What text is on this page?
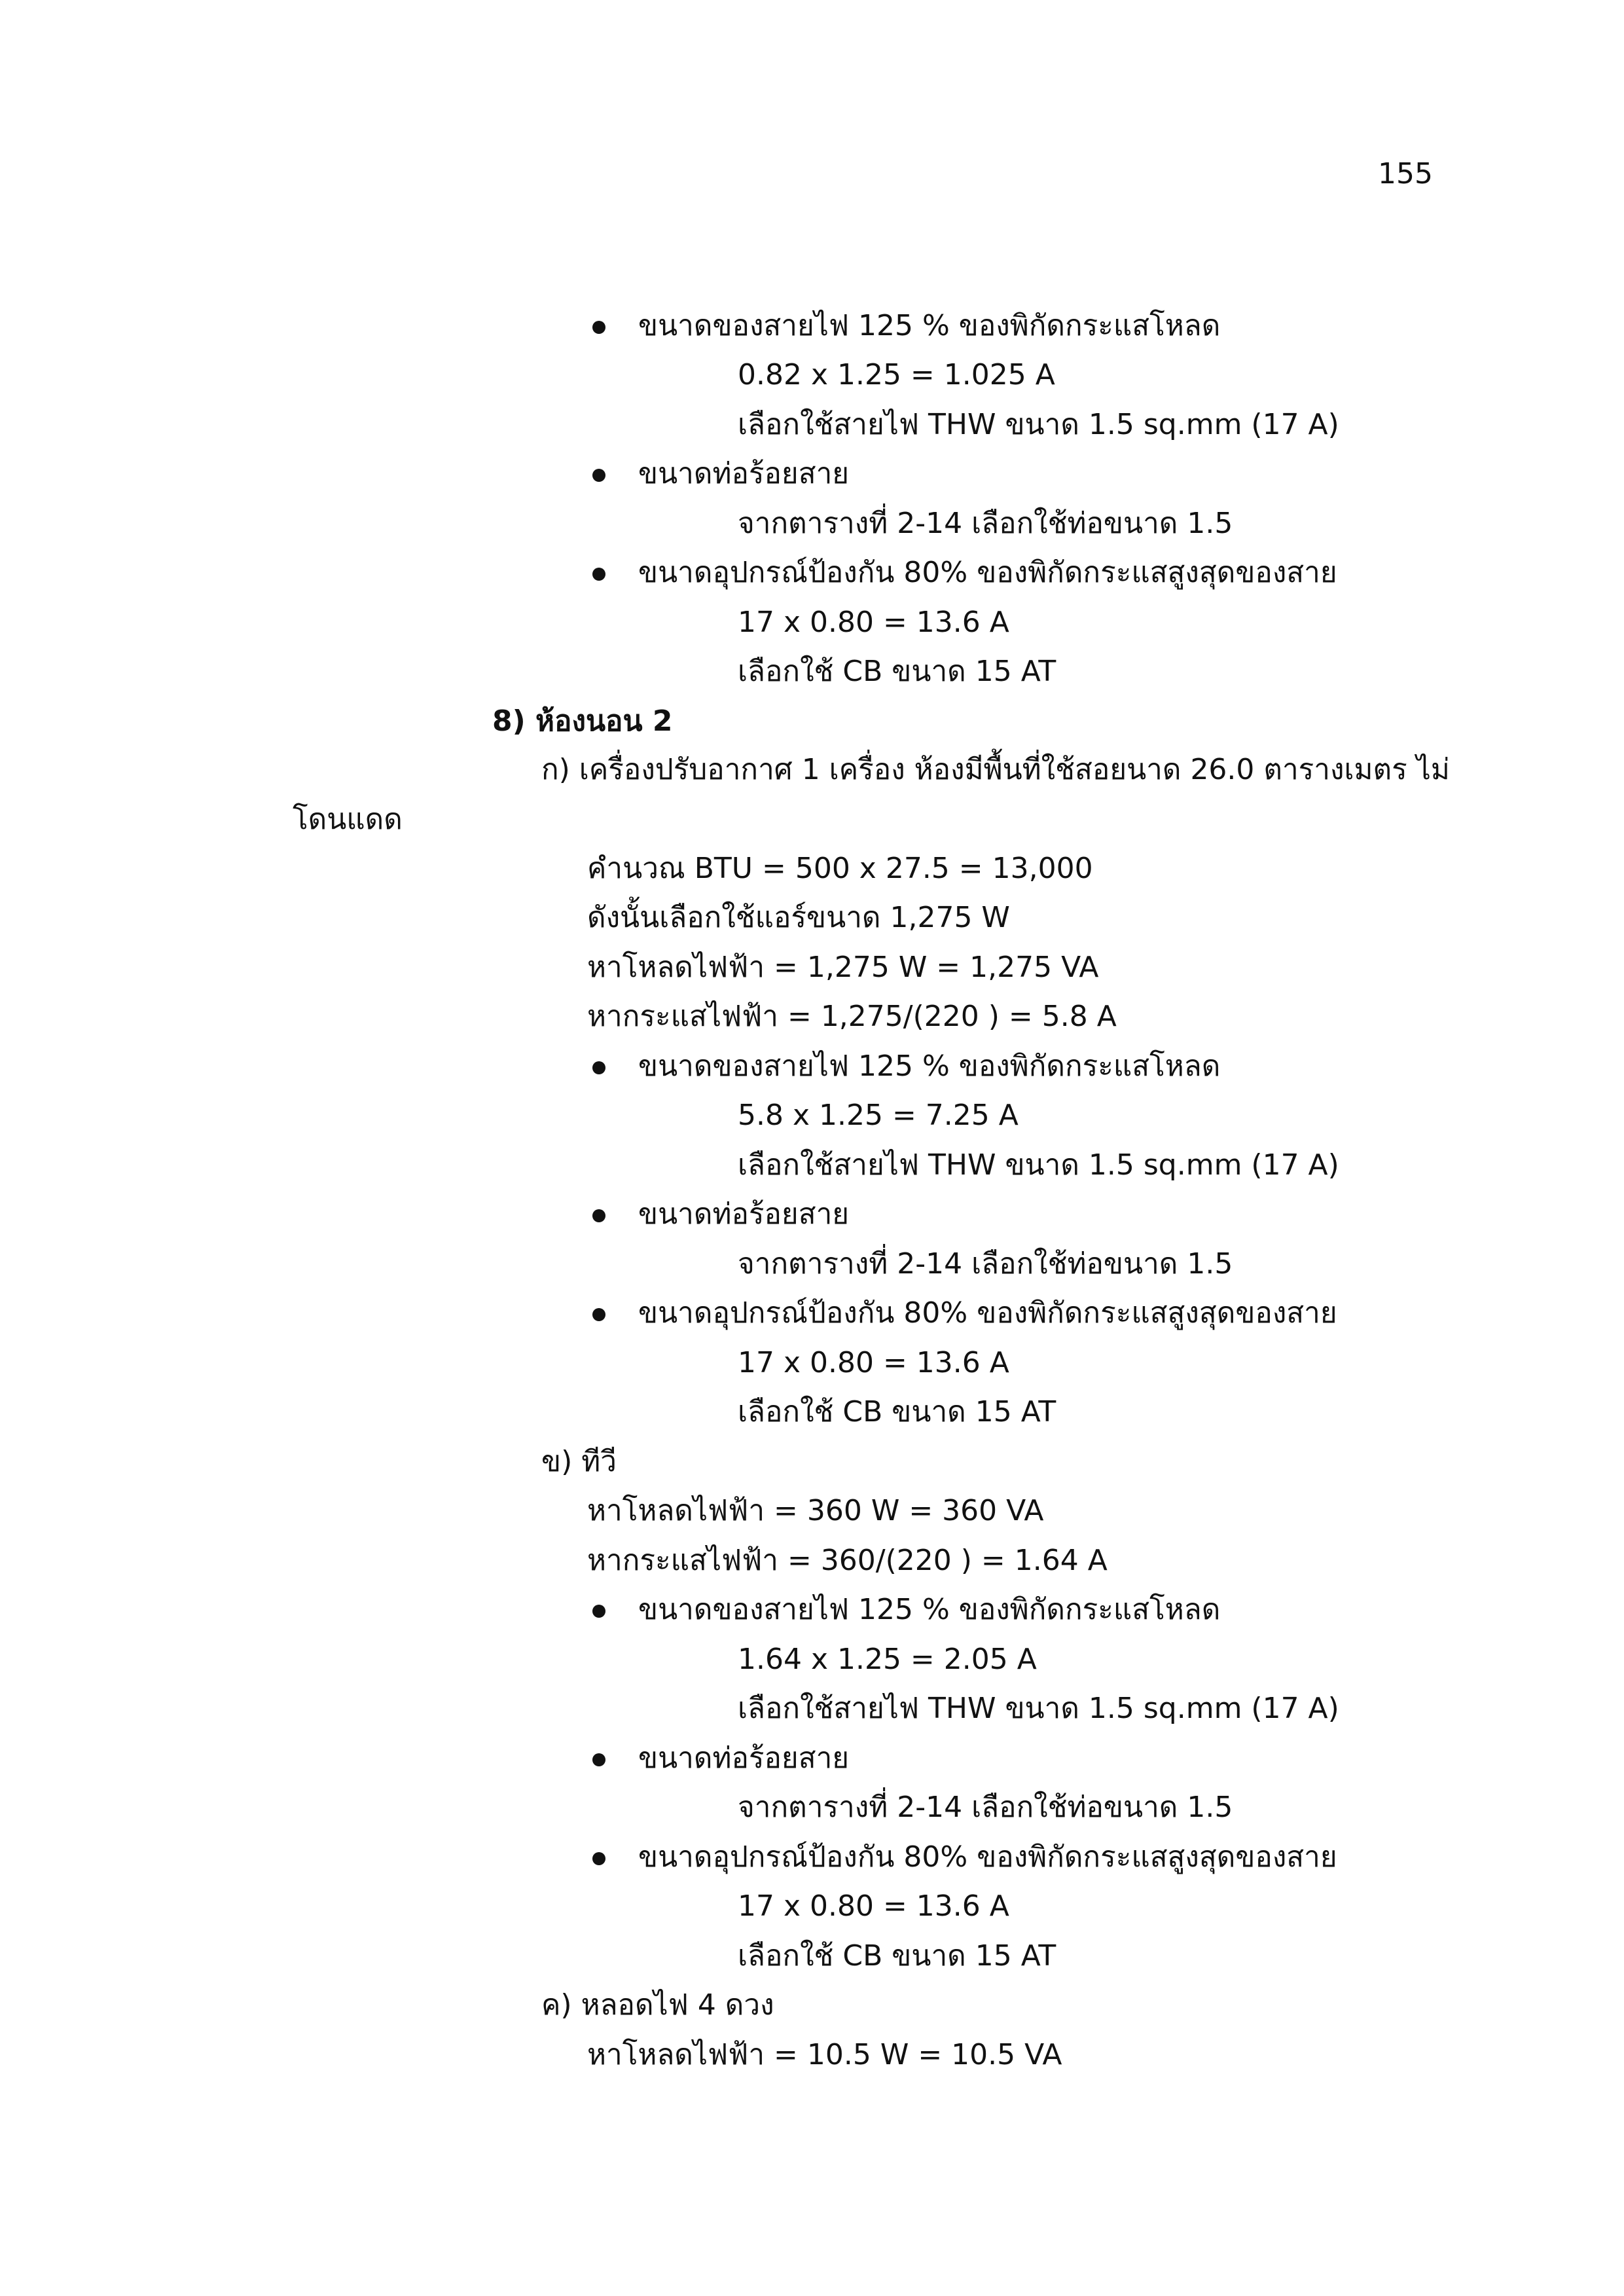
155
ขนาดของสายไฟ 125 % ของพิกัดกระแสโหลด
0.82 x 1.25 = 1.025 A
เลือกใช้สายไฟ THW ขนาด 1.5 sq.mm (17 A)
ขนาดท่อร้อยสาย
จากตารางที่ 2-14 เลือกใช้ท่อขนาด 1.5
ขนาดอุปกรณ์ป้องกัน 80% ของพิกัดกระแสสูงสุดของสาย
17 x 0.80 = 13.6 A
เลือกใช้ CB ขนาด 15 AT
8) ห้องนอน 2
ก) เครื่องปรับอากาศ 1 เครื่อง ห้องมีพื้นที่ใช้สอยนาด 26.0 ตารางเมตร ไม่
โดนแดด
คำนวณ BTU = 500 x 27.5 = 13,000
ดังนั้นเลือกใช้แอร์ขนาด 1,275 W
หาโหลดไฟฟ้า = 1,275 W = 1,275 VA
หากระแสไฟฟ้า = 1,275/(220 ) = 5.8 A
ขนาดของสายไฟ 125 % ของพิกัดกระแสโหลด
5.8 x 1.25 = 7.25 A
เลือกใช้สายไฟ THW ขนาด 1.5 sq.mm (17 A)
ขนาดท่อร้อยสาย
จากตารางที่ 2-14 เลือกใช้ท่อขนาด 1.5
ขนาดอุปกรณ์ป้องกัน 80% ของพิกัดกระแสสูงสุดของสาย
17 x 0.80 = 13.6 A
เลือกใช้ CB ขนาด 15 AT
ข) ทีวี
หาโหลดไฟฟ้า = 360 W = 360 VA
หากระแสไฟฟ้า = 360/(220 ) = 1.64 A
ขนาดของสายไฟ 125 % ของพิกัดกระแสโหลด
1.64 x 1.25 = 2.05 A
เลือกใช้สายไฟ THW ขนาด 1.5 sq.mm (17 A)
ขนาดท่อร้อยสาย
จากตารางที่ 2-14 เลือกใช้ท่อขนาด 1.5
ขนาดอุปกรณ์ป้องกัน 80% ของพิกัดกระแสสูงสุดของสาย
17 x 0.80 = 13.6 A
เลือกใช้ CB ขนาด 15 AT
ค) หลอดไฟ 4 ดวง
หาโหลดไฟฟ้า = 10.5 W = 10.5 VA
